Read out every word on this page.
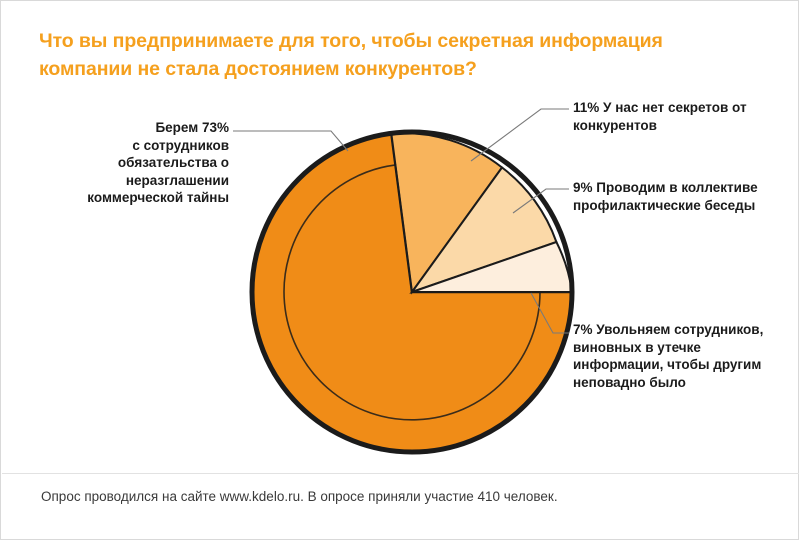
Что вы предпринимаете для того, чтобы секретная информация компании не стала достоянием конкурентов?
Берем 73%
с сотрудников обязательства о неразглашении коммерческой тайны
11% У нас нет секретов от конкурентов
9% Проводим в коллективе профилактические беседы
7% Увольняем сотрудников, виновных в утечке информации, чтобы другим неповадно было
Опрос проводился на сайте www.kdelo.ru. В опросе приняли участие 410 человек.
